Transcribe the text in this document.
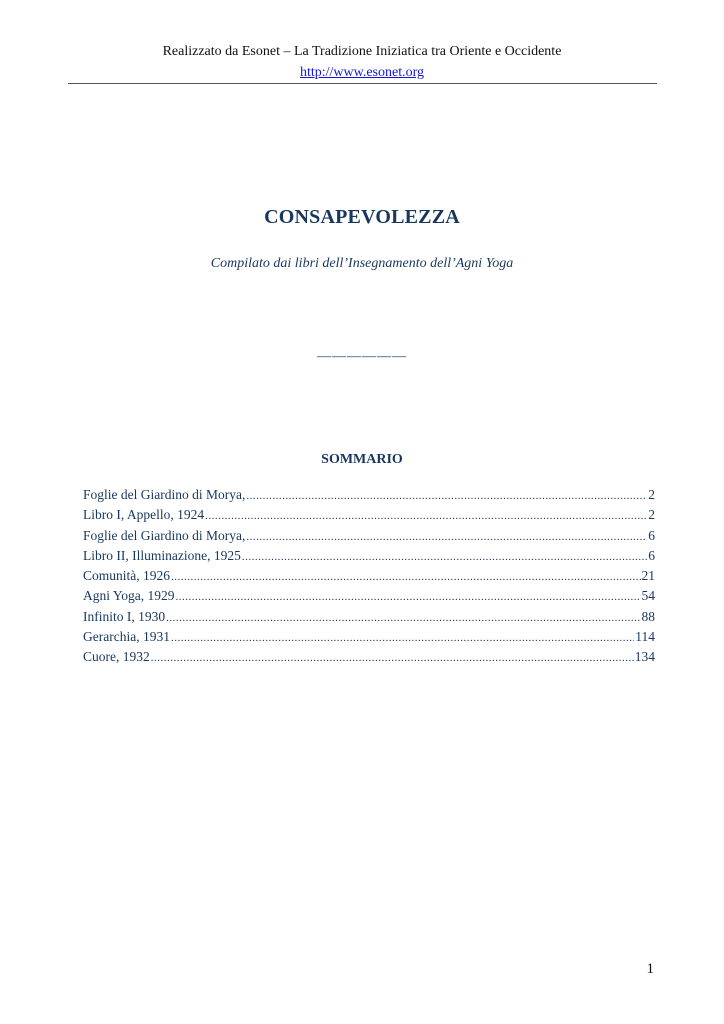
Realizzato da Esonet – La Tradizione Iniziatica tra Oriente e Occidente
http://www.esonet.org
CONSAPEVOLEZZA
Compilato dai libri dell’Insegnamento dell’Agni Yoga
——————
SOMMARIO
Foglie del Giardino di Morya, .....	2
Libro I, Appello, 1924 .....	2
Foglie del Giardino di Morya, .....	6
Libro II, Illuminazione, 1925 .....	6
Comunità, 1926 .....	21
Agni Yoga, 1929 .....	54
Infinito I, 1930 .....	88
Gerarchia, 1931 .....	114
Cuore, 1932 .....	134
1
